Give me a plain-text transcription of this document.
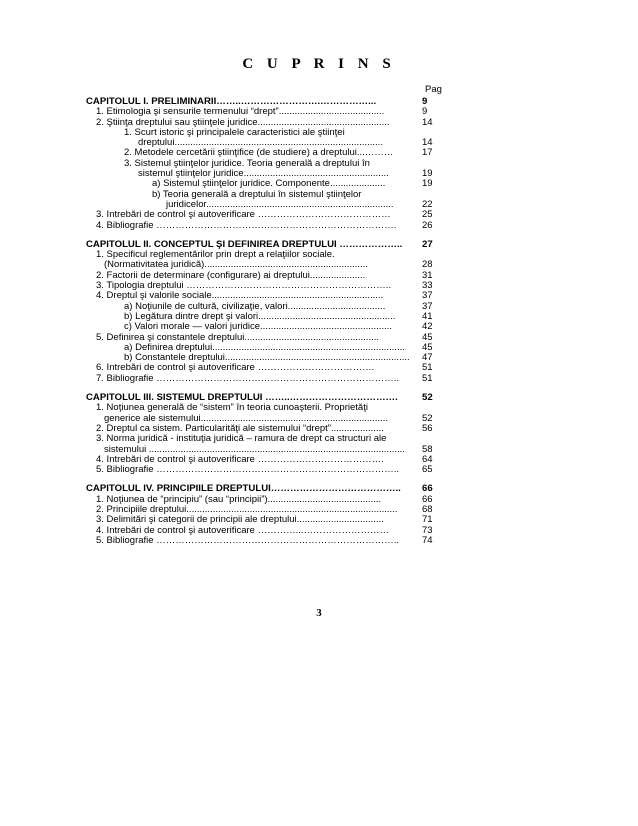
C U P R I N S
CAPITOLUL I. PRELIMINARII……..…………………….……………...	9
1. Etimologia şi sensurile termenului “drept”........................................	9
2. Ştiinţa dreptului sau ştiinţele juridice..................................................	14
1. Scurt istoric şi principalele caracteristici ale ştiinţei
dreptului...............................................................................	14
2. Metodele cercetării ştiinţifice (de studiere) a dreptului...………	17
3. Sistemul ştiinţelor juridice. Teoria generală a dreptului în
sistemul ştiinţelor juridice.......................................................	19
a) Sistemul ştiinţelor juridice. Componente.....................	19
b) Teoria generală a dreptului în sistemul ştiinţelor
juridicelor.......................................................................	22
3. Întrebări de control şi autoverificare ……………………………………	25
4. Bibliografie ………………………………………………………………….	26
CAPITOLUL II. CONCEPTUL ŞI DEFINIREA DREPTULUI ………………..	27
1. Specificul reglementărilor prin drept a relaţiilor sociale.
(Normativitatea juridică)..............................................................	28
2. Factorii de determinare (configurare) ai dreptului.....................	31
3. Tipologia dreptului ………………………………………………………..	33
4. Dreptul şi valorile sociale.................................................................	37
a) Noţiunile de cultură, civilizaţie, valori.....................................	37
b) Legătura dintre drept şi valori....................................................	41
c) Valori morale — valori juridice..................................................	42
5. Definirea şi constantele dreptului...................................................	45
a) Definirea dreptului.........................................................................	45
b) Constantele dreptului......................................................................	47
6. Întrebări de control şi autoverificare ……………………………….	51
7. Bibliografie …………………………………………………………………..	51
CAPITOLUL III. SISTEMUL DREPTULUI ……..…………………………….	52
1. Noţiunea generală de “sistem” în teoria cunoaşterii. Proprietăţi
generice ale sistemului.......................................................................	52
2. Dreptul ca sistem. Particularităţi ale sistemului “drept”....................	56
3. Norma juridică - instituţia juridică – ramura de drept ca structuri ale
sistemului .................................................................................................	58
4. Întrebări de control şi autoverificare ………………………………….	64
5. Bibliografie …………………………………………………………………..	65
CAPITOLUL IV. PRINCIPIILE DREPTULUI…………………………………..	66
1. Noţiunea de “principiu” (sau “principii”)...........................................	66
2. Principiile dreptului................................................................................	68
3. Delimitări şi categorii de principii ale dreptului.................................	71
4. Întrebări de control şi autoverificare …………...………………………	73
5. Bibliografie …………………………………………………………………..	74
Pag
3
